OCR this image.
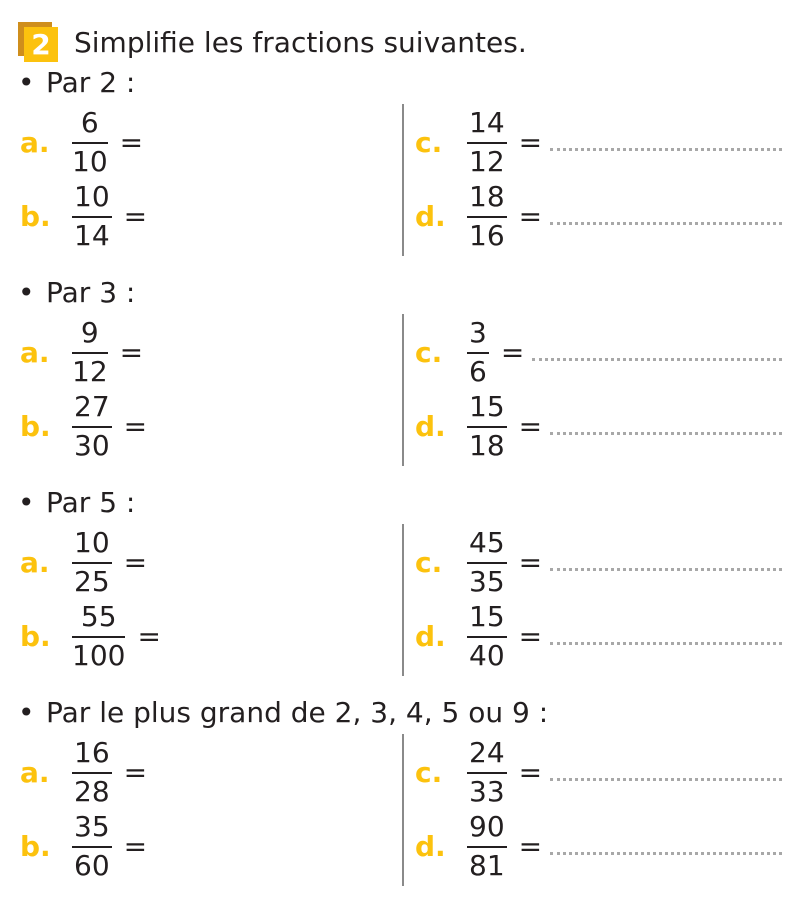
2 Simplifie les fractions suivantes.
• Par 2 :
a. $\frac{6}{10}$ =
b. $\frac{10}{14}$ =
c. $\frac{14}{12}$ =
d. $\frac{18}{16}$ =
• Par 3 :
a. $\frac{9}{12}$ =
b. $\frac{27}{30}$ =
c. $\frac{3}{6}$ =
d. $\frac{15}{18}$ =
• Par 5 :
a. $\frac{10}{25}$ =
b. $\frac{55}{100}$ =
c. $\frac{45}{35}$ =
d. $\frac{15}{40}$ =
• Par le plus grand de 2, 3, 4, 5 ou 9 :
a. $\frac{16}{28}$ =
b. $\frac{35}{60}$ =
c. $\frac{24}{33}$ =
d. $\frac{90}{81}$ =
